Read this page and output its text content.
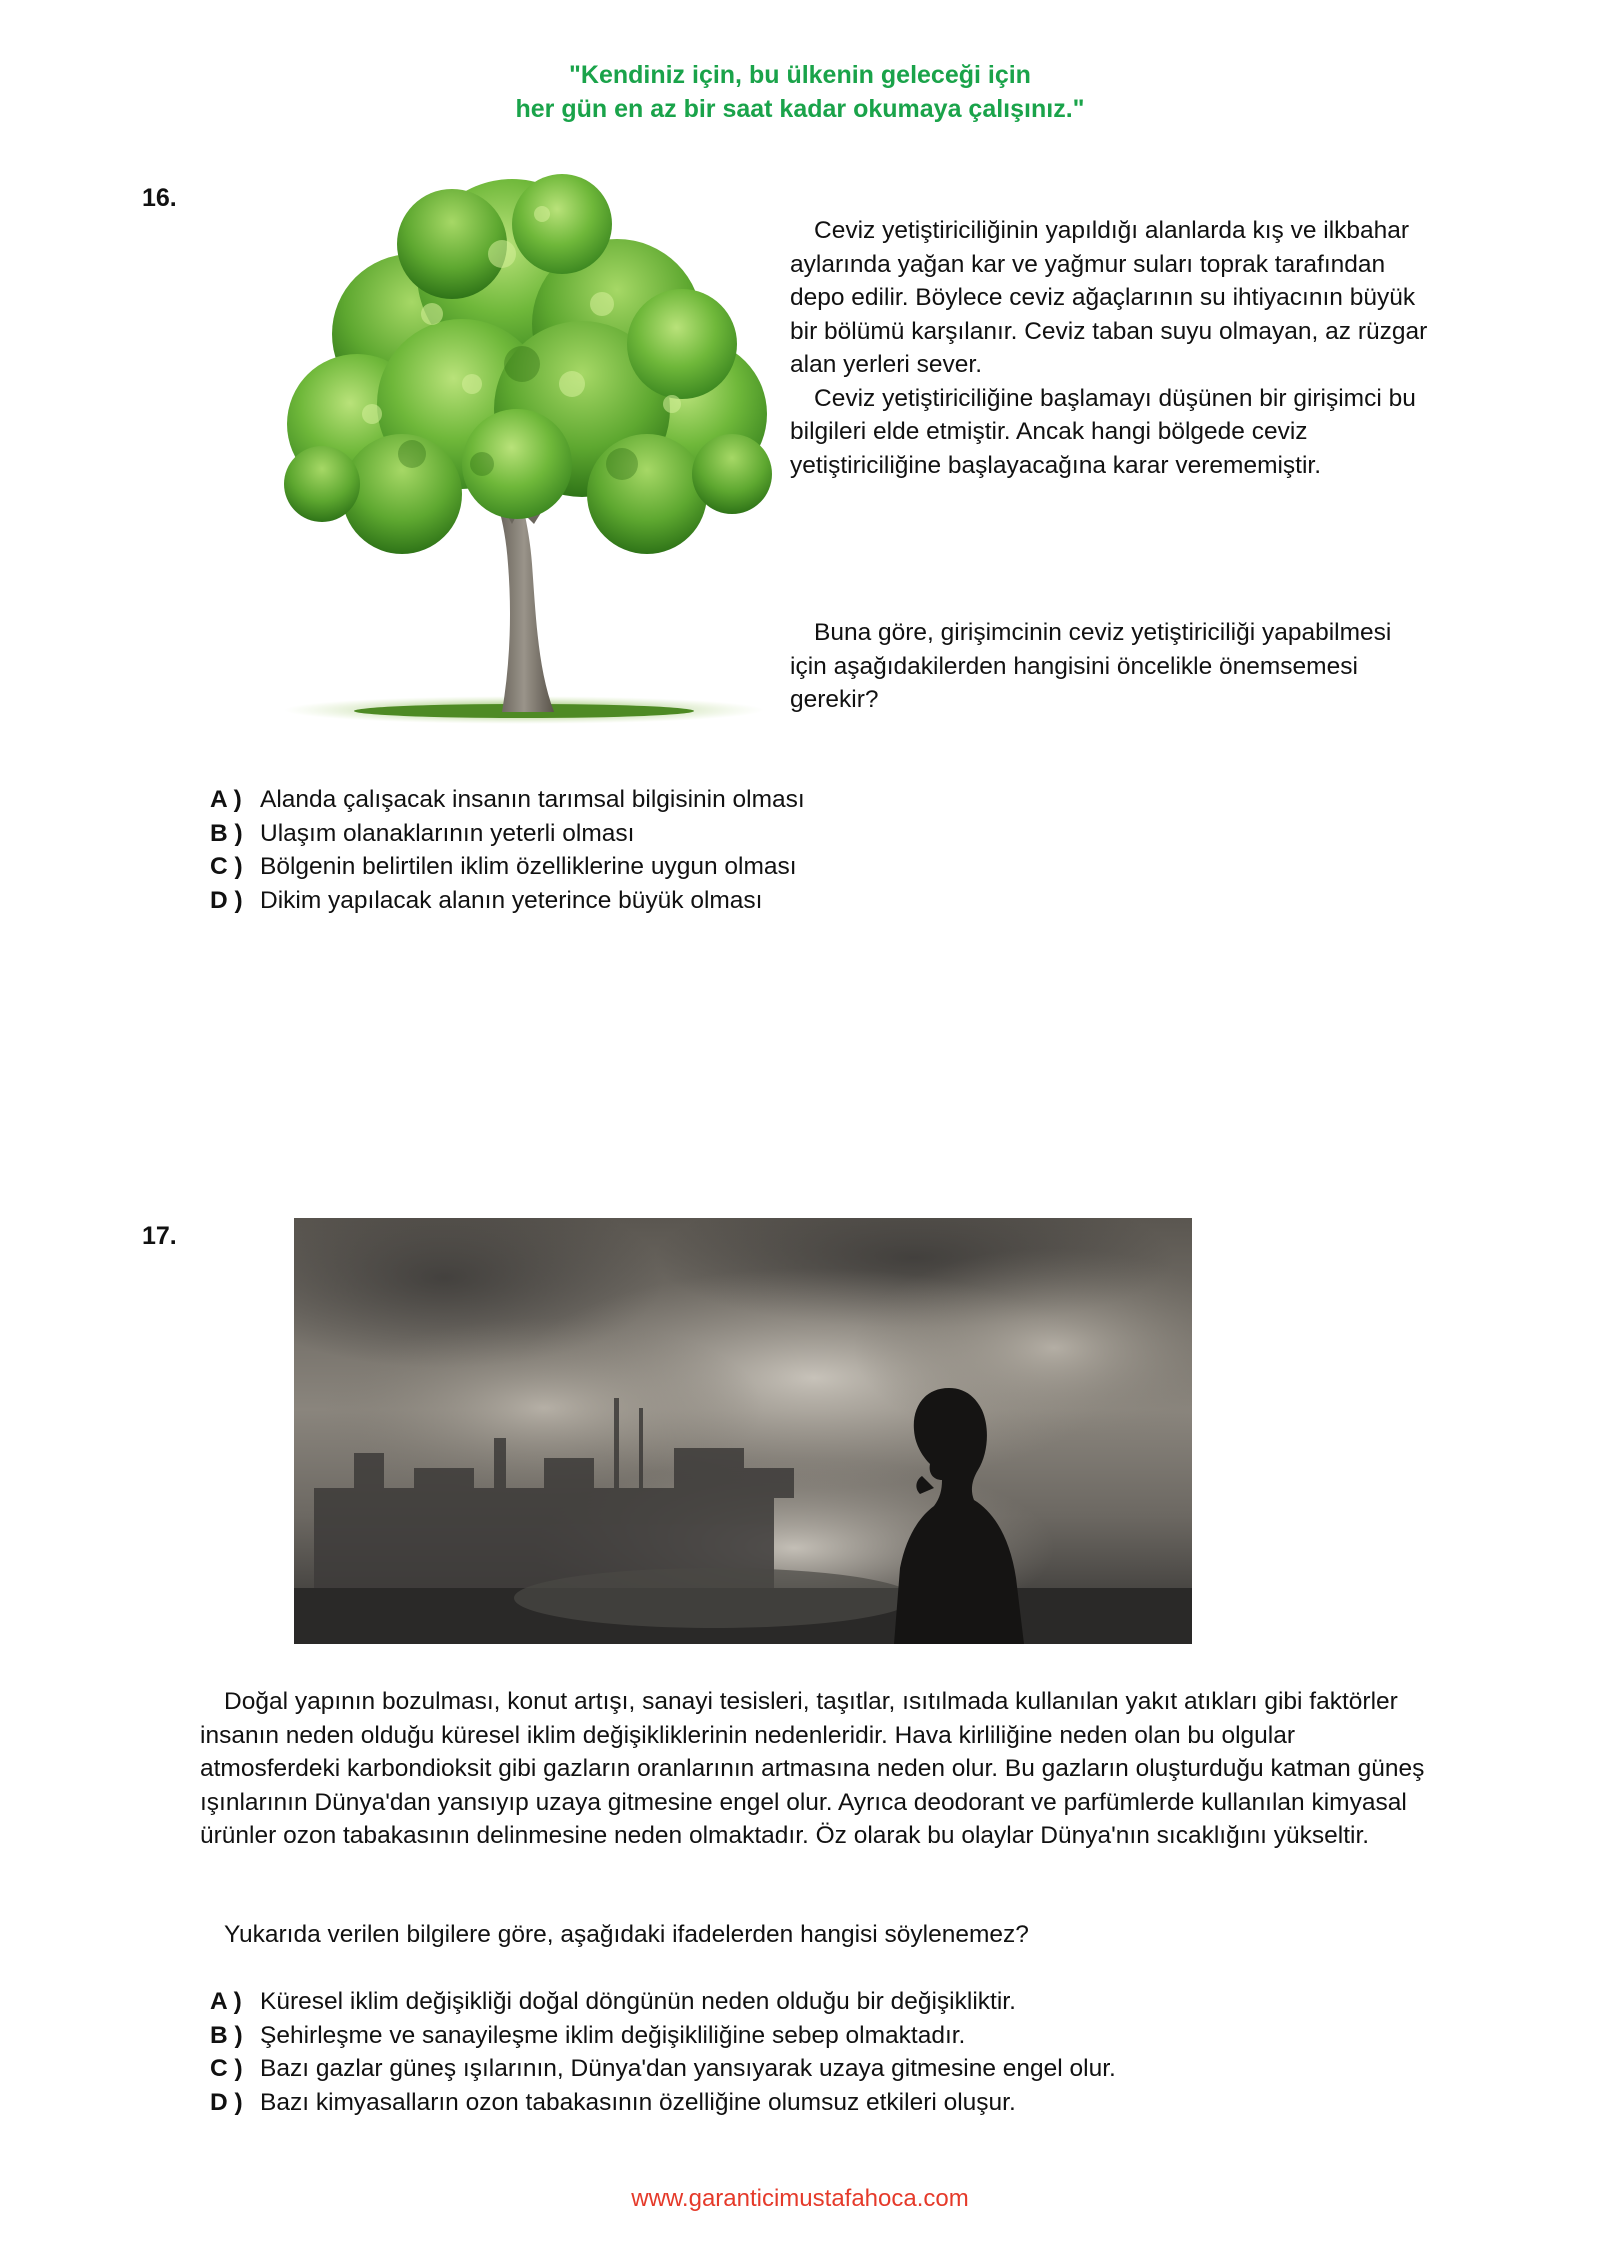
"Kendiniz için, bu ülkenin geleceği için
her gün en az bir saat kadar okumaya çalışınız."
16.

Ceviz yetiştiriciliğinin yapıldığı alanlarda kış ve ilkbahar aylarında yağan kar ve yağmur suları toprak tarafından depo edilir. Böylece ceviz ağaçlarının su ihtiyacının büyük bir bölümü karşılanır. Ceviz taban suyu olmayan, az rüzgar alan yerleri sever.

Ceviz yetiştiriciliğine başlamayı düşünen bir girişimci bu bilgileri elde etmiştir. Ancak hangi bölgede ceviz yetiştiriciliğine başlayacağına karar verememiştir.

Buna göre, girişimcinin ceviz yetiştiriciliği yapabilmesi için aşağıdakilerden hangisini öncelikle önemsemesi gerekir?

A ) Alanda çalışacak insanın tarımsal bilgisinin olması
B ) Ulaşım olanaklarının yeterli olması
C ) Bölgenin belirtilen iklim özelliklerine uygun olması
D ) Dikim yapılacak alanın yeterince büyük olması
17.

Doğal yapının bozulması, konut artışı, sanayi tesisleri, taşıtlar, ısıtılmada kullanılan yakıt atıkları gibi faktörler insanın neden olduğu küresel iklim değişikliklerinin nedenleridir. Hava kirliliğine neden olan bu olgular atmosferdeki karbondioksit gibi gazların oranlarının artmasına neden olur. Bu gazların oluşturduğu katman güneş ışınlarının Dünya'dan yansıyıp uzaya gitmesine engel olur. Ayrıca deodorant ve parfümlerde kullanılan kimyasal ürünler ozon tabakasının delinmesine neden olmaktadır. Öz olarak bu olaylar Dünya'nın sıcaklığını yükseltir.

Yukarıda verilen bilgilere göre, aşağıdaki ifadelerden hangisi söylenemez?

A ) Küresel iklim değişikliği doğal döngünün neden olduğu bir değişikliktir.
B ) Şehirleşme ve sanayileşme iklim değişikliliğine sebep olmaktadır.
C ) Bazı gazlar güneş ışılarının, Dünya'dan yansıyarak uzaya gitmesine engel olur.
D ) Bazı kimyasalların ozon tabakasının özelliğine olumsuz etkileri oluşur.
www.garanticimustafahoca.com
